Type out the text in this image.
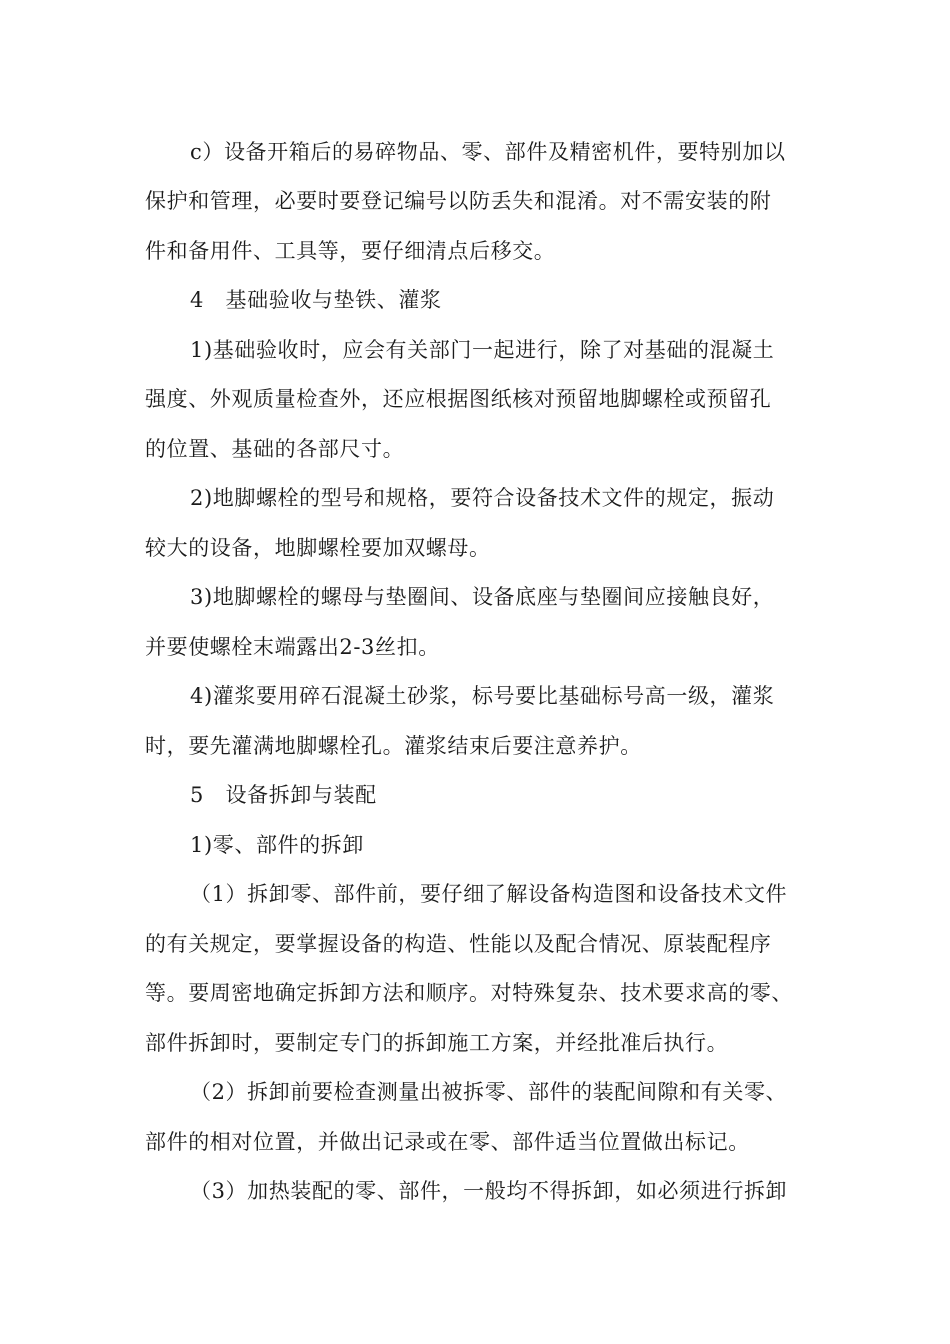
c）设备开箱后的易碎物品、零、部件及精密机件，要特别加以
保护和管理，必要时要登记编号以防丢失和混淆。对不需安装的附
件和备用件、工具等，要仔细清点后移交。
4　基础验收与垫铁、灌浆
1)基础验收时，应会有关部门一起进行，除了对基础的混凝土
强度、外观质量检查外，还应根据图纸核对预留地脚螺栓或预留孔
的位置、基础的各部尺寸。
2)地脚螺栓的型号和规格，要符合设备技术文件的规定，振动
较大的设备，地脚螺栓要加双螺母。
3)地脚螺栓的螺母与垫圈间、设备底座与垫圈间应接触良好，
并要使螺栓末端露出2-3丝扣。
4)灌浆要用碎石混凝土砂浆，标号要比基础标号高一级，灌浆
时，要先灌满地脚螺栓孔。灌浆结束后要注意养护。
5　设备拆卸与装配
1)零、部件的拆卸
（1）拆卸零、部件前，要仔细了解设备构造图和设备技术文件
的有关规定，要掌握设备的构造、性能以及配合情况、原装配程序
等。要周密地确定拆卸方法和顺序。对特殊复杂、技术要求高的零、
部件拆卸时，要制定专门的拆卸施工方案，并经批准后执行。
（2）拆卸前要检查测量出被拆零、部件的装配间隙和有关零、
部件的相对位置，并做出记录或在零、部件适当位置做出标记。
（3）加热装配的零、部件，一般均不得拆卸，如必须进行拆卸
